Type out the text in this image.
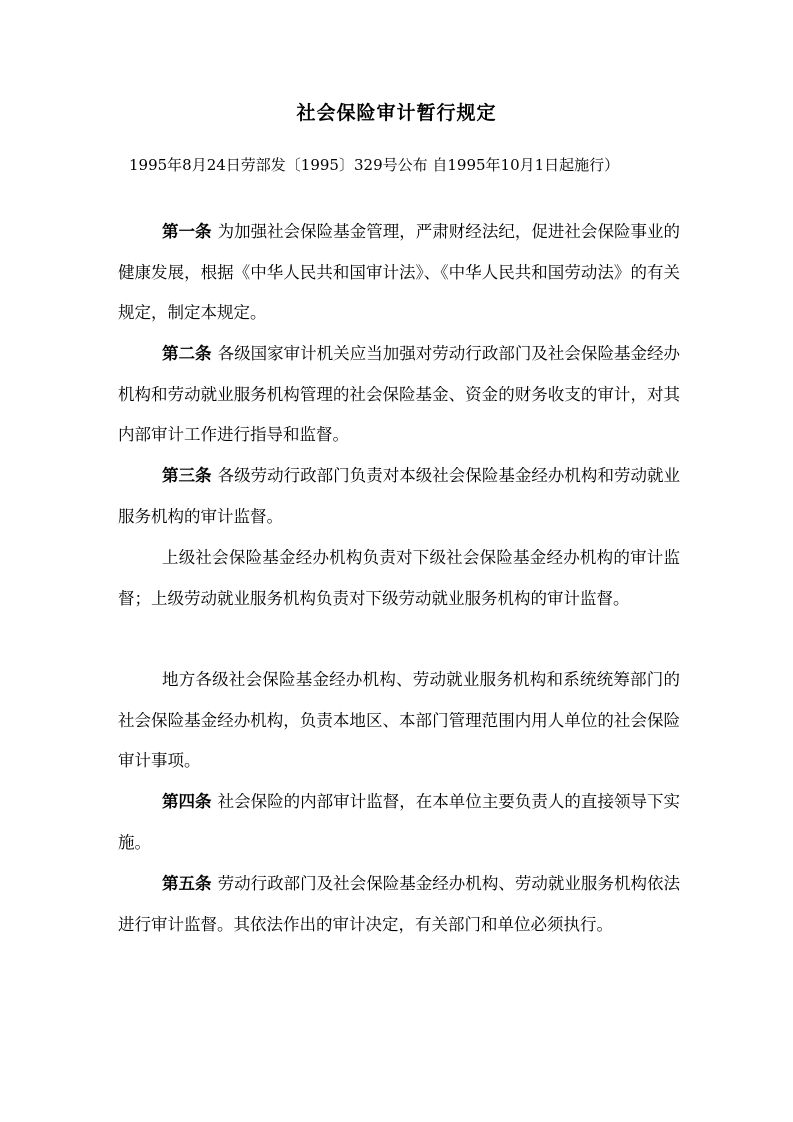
社会保险审计暂行规定
1995年8月24日劳部发〔1995〕329号公布 自1995年10月1日起施行）

第一条 为加强社会保险基金管理，严肃财经法纪，促进社会保险事业的健康发展，根据《中华人民共和国审计法》、《中华人民共和国劳动法》的有关规定，制定本规定。

第二条 各级国家审计机关应当加强对劳动行政部门及社会保险基金经办机构和劳动就业服务机构管理的社会保险基金、资金的财务收支的审计，对其内部审计工作进行指导和监督。

第三条 各级劳动行政部门负责对本级社会保险基金经办机构和劳动就业服务机构的审计监督。

上级社会保险基金经办机构负责对下级社会保险基金经办机构的审计监督；上级劳动就业服务机构负责对下级劳动就业服务机构的审计监督。

地方各级社会保险基金经办机构、劳动就业服务机构和系统统筹部门的社会保险基金经办机构，负责本地区、本部门管理范围内用人单位的社会保险审计事项。

第四条 社会保险的内部审计监督，在本单位主要负责人的直接领导下实施。

第五条 劳动行政部门及社会保险基金经办机构、劳动就业服务机构依法进行审计监督。其依法作出的审计决定，有关部门和单位必须执行。
